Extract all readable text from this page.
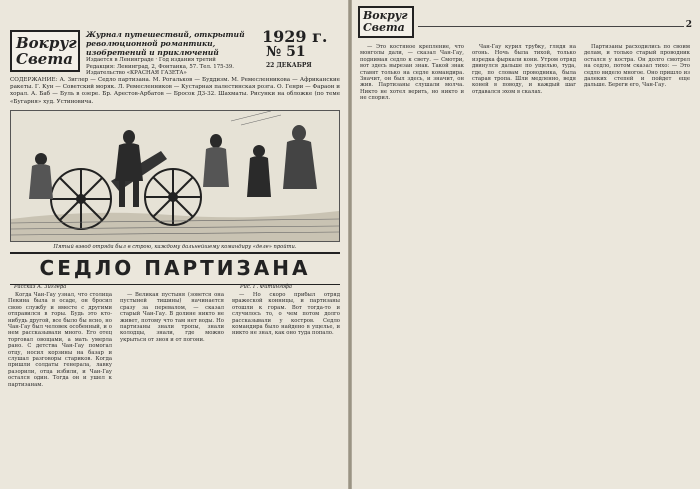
Вокруг Света
Журнал путешествий, открытий революционной романтики, изобретений и приключений
Издается в Ленинграде · Год издания третий
Редакция: Ленинград, 2, Фонтанка, 57. Тел. 175-39. Издательство «КРАСНАЯ ГАЗЕТА»
1929 г.
№ 51
22 ДЕКАБРЯ
СОДЕРЖАНИЕ: А. Зиглер — Седло партизана. М. Рогальков — Буддизм. М. Ремесленникова — Африканские ракеты. Г. Кун — Советский моряк. Л. Ремесленников — Кустарная палестинская розга. О. Генри — Фараон и хорал. А. Баб — Буль в озере. Бр. Арестов-Арбатов — Бросок Д3-32. Шахматы. Рисунки на обложке (по теме «Бугарня» худ. Устиновича.
Пятый взвод отряда был в строю, каждому дальнейшему командиру «деле» пройти.
СЕДЛО ПАРТИЗАНА
Рассказ А. Зиглера	Рис. Г. Фитингофа

Когда Чан-Гау узнал, что столица Пекина была в осаде, он бросил свою службу и вместе с другими отправился в горы. Будь это кто-нибудь другой, все было бы ясно, но Чан-Гау был человек особенный, и о нем рассказывали много. Его отец торговал овощами, а мать умерла рано. С детства Чан-Гау помогал отцу, носил корзины на базар и слушал разговоры стариков. Когда пришли солдаты генерала, лавку разорили, отца избили, и Чан-Гау остался один. Тогда он и ушел к партизанам.

— Великая пустыня (зовется она пустыней тишины) начинается сразу за перевалом, — сказал старый Чан-Гау. В долине никто не живет, потому что там нет воды. Но партизаны знали тропы, знали колодцы, знали, где можно укрыться от зноя и от погони.

— Но скоро прибыл отряд вражеской конницы, и партизаны отошли к горам. Вот тогда-то и случилось то, о чем потом долго рассказывали у костров. Седло командира было найдено в ущелье, и никто не знал, как оно туда попало.

Вокруг Света	2

— Это костяное крепление, что монголы дали, — сказал Чан-Гау, поднимая седло к свету. — Смотри, вот здесь вырезан знак. Такой знак ставят только на седле командира. Значит, он был здесь, и значит, он жив. Партизаны слушали молча. Никто не хотел верить, но никто и не спорил.

Чан-Гау курил трубку, глядя на огонь. Ночь была тихой, только изредка фыркали кони. Утром отряд двинулся дальше по ущелью, туда, где, по словам проводника, была старая тропа. Шли медленно, ведя коней в поводу, и каждый шаг отдавался эхом в скалах.

Партизаны расходились по своим делам, и только старый проводник остался у костра. Он долго смотрел на седло, потом сказал тихо: — Это седло видело многое. Оно пришло из далеких степей и пойдет еще дальше. Береги его, Чан-Гау.
